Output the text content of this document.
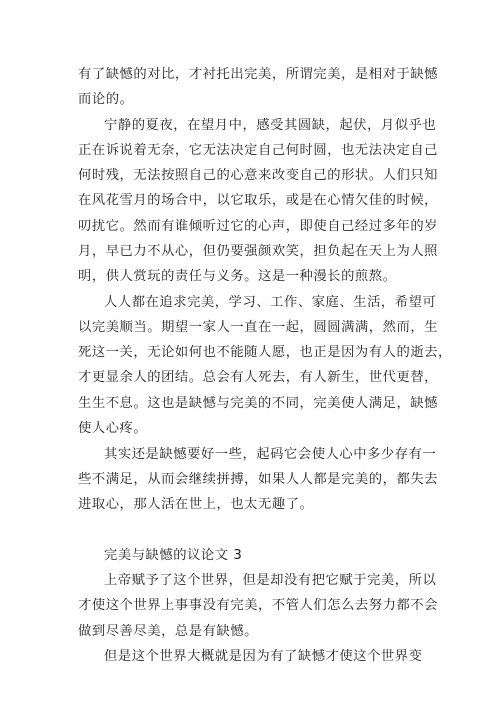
有了缺憾的对比，才衬托出完美，所谓完美，是相对于缺憾
而论的。
宁静的夏夜，在望月中，感受其圆缺，起伏，月似乎也
正在诉说着无奈，它无法决定自己何时圆，也无法决定自己
何时残，无法按照自己的心意来改变自己的形状。人们只知
在风花雪月的场合中，以它取乐，或是在心情欠佳的时候，
叨扰它。然而有谁倾听过它的心声，即使自己经过多年的岁
月，早已力不从心，但仍要强颜欢笑，担负起在天上为人照
明，供人赏玩的责任与义务。这是一种漫长的煎熬。
人人都在追求完美，学习、工作、家庭、生活，希望可
以完美顺当。期望一家人一直在一起，圆圆满满，然而，生
死这一关，无论如何也不能随人愿，也正是因为有人的逝去，
才更显余人的团结。总会有人死去，有人新生，世代更替，
生生不息。这也是缺憾与完美的不同，完美使人满足，缺憾
使人心疼。
其实还是缺憾要好一些，起码它会使人心中多少存有一
些不满足，从而会继续拼搏，如果人人都是完美的，都失去
进取心，那人活在世上，也太无趣了。
完美与缺憾的议论文 3
上帝赋予了这个世界，但是却没有把它赋于完美，所以
才使这个世界上事事没有完美，不管人们怎么去努力都不会
做到尽善尽美，总是有缺憾。
但是这个世界大概就是因为有了缺憾才使这个世界变
